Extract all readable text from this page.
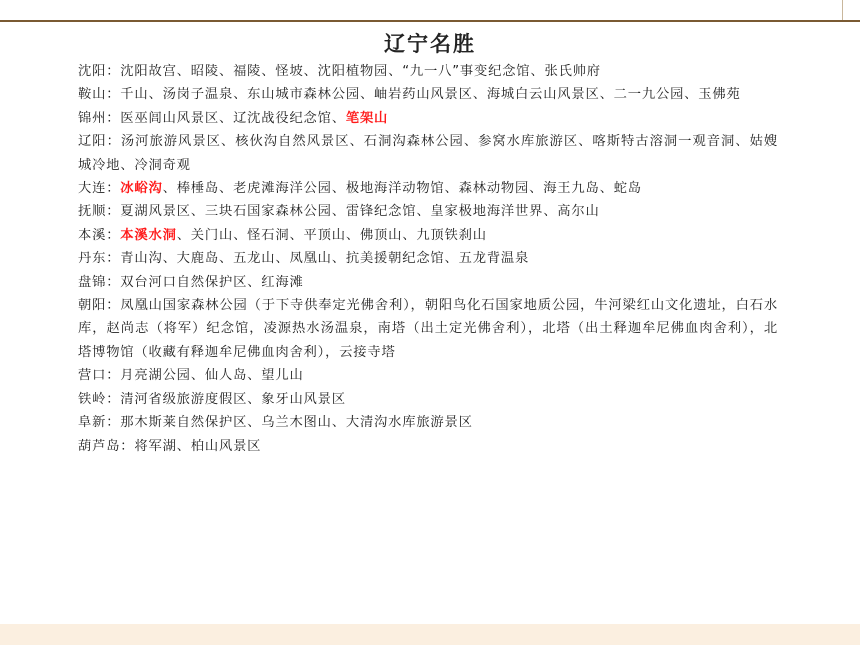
辽宁名胜

沈阳：沈阳故宫、昭陵、福陵、怪坡、沈阳植物园、“九一八”事变纪念馆、张氏帅府

鞍山：千山、汤岗子温泉、东山城市森林公园、岫岩药山风景区、海城白云山风景区、二一九公园、玉佛苑

锦州：医巫闾山风景区、辽沈战役纪念馆、笔架山

辽阳：汤河旅游风景区、核伙沟自然风景区、石洞沟森林公园、参窝水库旅游区、喀斯特古溶洞一观音洞、姑嫂城冷地、冷洞奇观

大连：冰峪沟、棒棰岛、老虎滩海洋公园、极地海洋动物馆、森林动物园、海王九岛、蛇岛

抚顺：夏湖风景区、三块石国家森林公园、雷锋纪念馆、皇家极地海洋世界、高尔山

本溪：本溪水洞、关门山、怪石洞、平顶山、佛顶山、九顶铁刹山

丹东：青山沟、大鹿岛、五龙山、凤凰山、抗美援朝纪念馆、五龙背温泉

盘锦：双台河口自然保护区、红海滩

朝阳：凤凰山国家森林公园（于下寺供奉定光佛舍利），朝阳鸟化石国家地质公园，牛河梁红山文化遗址，白石水库，赵尚志（将军）纪念馆，凌源热水汤温泉，南塔（出土定光佛舍利），北塔（出土释迦牟尼佛血肉舍利），北塔博物馆（收藏有释迦牟尼佛血肉舍利），云接寺塔

营口：月亮湖公园、仙人岛、望儿山

铁岭：清河省级旅游度假区、象牙山风景区

阜新：那木斯莱自然保护区、乌兰木图山、大清沟水库旅游景区

葫芦岛：将军湖、柏山风景区
